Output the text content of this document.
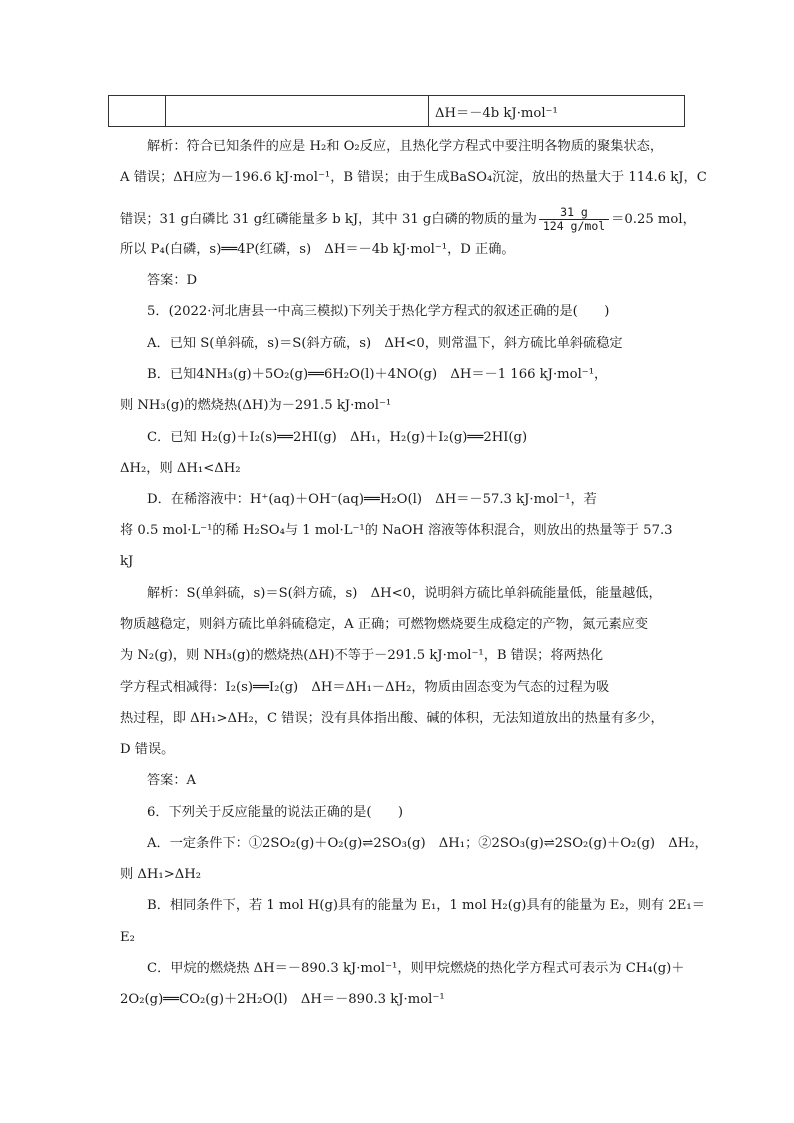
		ΔH＝－4b kJ·mol⁻¹
解析：符合已知条件的应是 H₂和 O₂反应，且热化学方程式中要注明各物质的聚集状态，
A 错误；ΔH应为－196.6 kJ·mol⁻¹，B 错误；由于生成BaSO₄沉淀，放出的热量大于 114.6 kJ，C
错误；31 g白磷比 31 g红磷能量多 b kJ，其中 31 g白磷的物质的量为 $\frac{31 g}{\text{124 g/mol}} =0.25$ mol，
所以 P₄(白磷，s)══4P(红磷，s)　ΔH＝－4b kJ·mol⁻¹，D 正确。
答案：D
5．(2022·河北唐县一中高三模拟)下列关于热化学方程式的叙述正确的是(　　)
A．已知 S(单斜硫，s)＝S(斜方硫，s)　ΔH<0，则常温下，斜方硫比单斜硫稳定
B．已知4NH₃(g)＋5O₂(g)══6H₂O(l)＋4NO(g)　ΔH＝－1 166 kJ·mol⁻¹，
则 NH₃(g)的燃烧热(ΔH)为－291.5 kJ·mol⁻¹
C．已知 H₂(g)＋I₂(s)══2HI(g)　ΔH₁，H₂(g)＋I₂(g)══2HI(g)
ΔH₂，则 ΔH₁<ΔH₂
D．在稀溶液中：H⁺(aq)＋OH⁻(aq)══H₂O(l)　ΔH＝－57.3 kJ·mol⁻¹，若
将 0.5 mol·L⁻¹的稀 H₂SO₄与 1 mol·L⁻¹的 NaOH 溶液等体积混合，则放出的热量等于 57.3
kJ
解析：S(单斜硫，s)＝S(斜方硫，s)　ΔH<0，说明斜方硫比单斜硫能量低，能量越低，
物质越稳定，则斜方硫比单斜硫稳定，A 正确；可燃物燃烧要生成稳定的产物，氮元素应变
为 N₂(g)，则 NH₃(g)的燃烧热(ΔH)不等于－291.5 kJ·mol⁻¹，B 错误；将两热化
学方程式相减得：I₂(s)══I₂(g)　ΔH＝ΔH₁－ΔH₂，物质由固态变为气态的过程为吸
热过程，即 ΔH₁>ΔH₂，C 错误；没有具体指出酸、碱的体积，无法知道放出的热量有多少，
D 错误。
答案：A
6．下列关于反应能量的说法正确的是(　　)
A．一定条件下：①2SO₂(g)＋O₂(g)⇌2SO₃(g)　ΔH₁；②2SO₃(g)⇌2SO₂(g)＋O₂(g)　ΔH₂，
则 ΔH₁>ΔH₂
B．相同条件下，若 1 mol H(g)具有的能量为 E₁，1 mol H₂(g)具有的能量为 E₂，则有 2E₁＝
E₂
C．甲烷的燃烧热 ΔH＝－890.3 kJ·mol⁻¹，则甲烷燃烧的热化学方程式可表示为 CH₄(g)＋
2O₂(g)══CO₂(g)＋2H₂O(l)　ΔH＝－890.3 kJ·mol⁻¹
